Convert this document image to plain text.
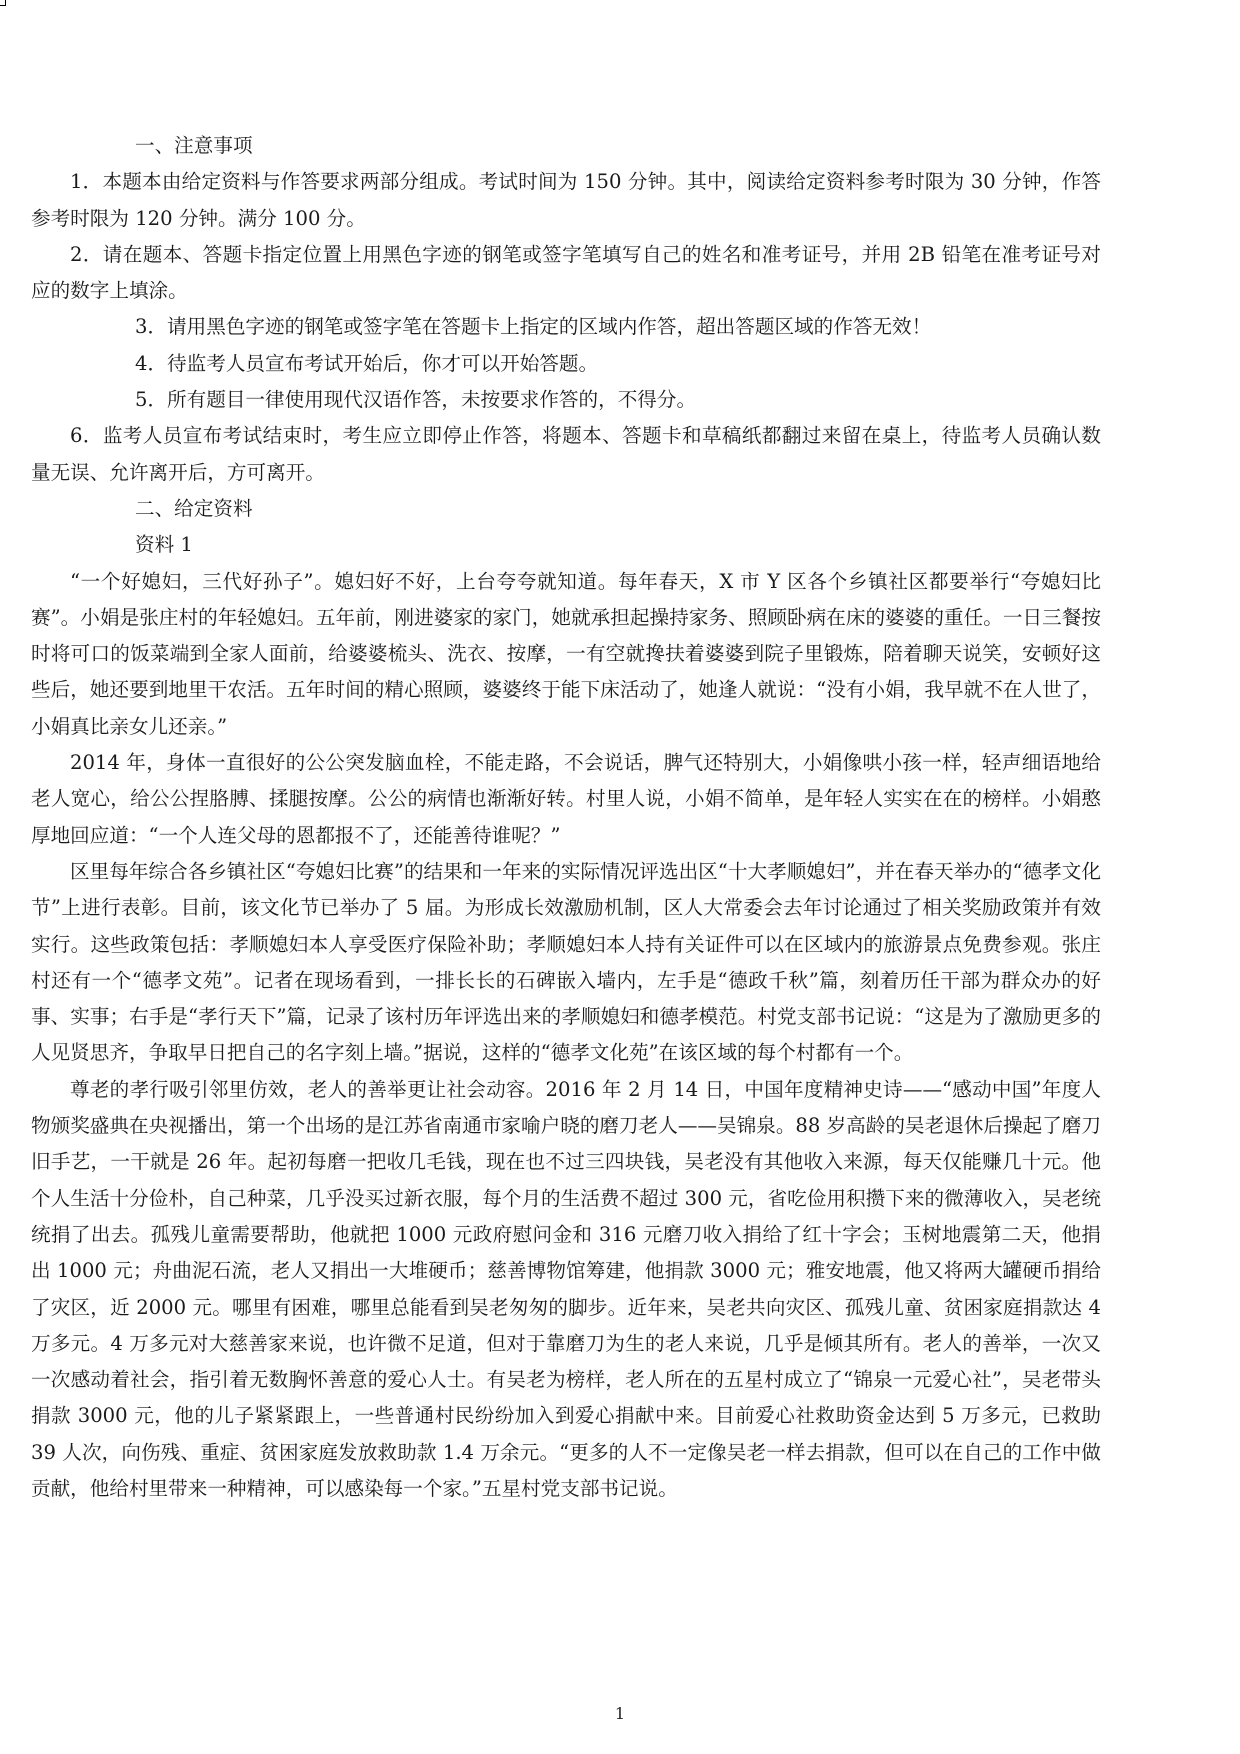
一、注意事项

1．本题本由给定资料与作答要求两部分组成。考试时间为 150 分钟。其中，阅读给定资料参考时限为 30 分钟，作答参考时限为 120 分钟。满分 100 分。

2．请在题本、答题卡指定位置上用黑色字迹的钢笔或签字笔填写自己的姓名和准考证号，并用 2B 铅笔在准考证号对应的数字上填涂。

3．请用黑色字迹的钢笔或签字笔在答题卡上指定的区域内作答，超出答题区域的作答无效！

4．待监考人员宣布考试开始后，你才可以开始答题。

5．所有题目一律使用现代汉语作答，未按要求作答的，不得分。

6．监考人员宣布考试结束时，考生应立即停止作答，将题本、答题卡和草稿纸都翻过来留在桌上，待监考人员确认数量无误、允许离开后，方可离开。

二、给定资料

资料 1

“一个好媳妇，三代好孙子”。媳妇好不好，上台夸夸就知道。每年春天，X 市 Y 区各个乡镇社区都要举行“夸媳妇比赛”。小娟是张庄村的年轻媳妇。五年前，刚进婆家的家门，她就承担起操持家务、照顾卧病在床的婆婆的重任。一日三餐按时将可口的饭菜端到全家人面前，给婆婆梳头、洗衣、按摩，一有空就搀扶着婆婆到院子里锻炼，陪着聊天说笑，安顿好这些后，她还要到地里干农活。五年时间的精心照顾，婆婆终于能下床活动了，她逢人就说：“没有小娟，我早就不在人世了，小娟真比亲女儿还亲。”

2014 年，身体一直很好的公公突发脑血栓，不能走路，不会说话，脾气还特别大，小娟像哄小孩一样，轻声细语地给老人宽心，给公公捏胳膊、揉腿按摩。公公的病情也渐渐好转。村里人说，小娟不简单，是年轻人实实在在的榜样。小娟憨厚地回应道：“一个人连父母的恩都报不了，还能善待谁呢？”

区里每年综合各乡镇社区“夸媳妇比赛”的结果和一年来的实际情况评选出区“十大孝顺媳妇”，并在春天举办的“德孝文化节”上进行表彰。目前，该文化节已举办了 5 届。为形成长效激励机制，区人大常委会去年讨论通过了相关奖励政策并有效实行。这些政策包括：孝顺媳妇本人享受医疗保险补助；孝顺媳妇本人持有关证件可以在区域内的旅游景点免费参观。张庄村还有一个“德孝文苑”。记者在现场看到，一排长长的石碑嵌入墙内，左手是“德政千秋”篇，刻着历任干部为群众办的好事、实事；右手是“孝行天下”篇，记录了该村历年评选出来的孝顺媳妇和德孝模范。村党支部书记说：“这是为了激励更多的人见贤思齐，争取早日把自己的名字刻上墙。”据说，这样的“德孝文化苑”在该区域的每个村都有一个。

尊老的孝行吸引邻里仿效，老人的善举更让社会动容。2016 年 2 月 14 日，中国年度精神史诗——“感动中国”年度人物颁奖盛典在央视播出，第一个出场的是江苏省南通市家喻户晓的磨刀老人——吴锦泉。88 岁高龄的吴老退休后操起了磨刀旧手艺，一干就是 26 年。起初每磨一把收几毛钱，现在也不过三四块钱，吴老没有其他收入来源，每天仅能赚几十元。他个人生活十分俭朴，自己种菜，几乎没买过新衣服，每个月的生活费不超过 300 元，省吃俭用积攒下来的微薄收入，吴老统统捐了出去。孤残儿童需要帮助，他就把 1000 元政府慰问金和 316 元磨刀收入捐给了红十字会；玉树地震第二天，他捐出 1000 元；舟曲泥石流，老人又捐出一大堆硬币；慈善博物馆筹建，他捐款 3000 元；雅安地震，他又将两大罐硬币捐给了灾区，近 2000 元。哪里有困难，哪里总能看到吴老匆匆的脚步。近年来，吴老共向灾区、孤残儿童、贫困家庭捐款达 4 万多元。4 万多元对大慈善家来说，也许微不足道，但对于靠磨刀为生的老人来说，几乎是倾其所有。老人的善举，一次又一次感动着社会，指引着无数胸怀善意的爱心人士。有吴老为榜样，老人所在的五星村成立了“锦泉一元爱心社”，吴老带头捐款 3000 元，他的儿子紧紧跟上，一些普通村民纷纷加入到爱心捐献中来。目前爱心社救助资金达到 5 万多元，已救助 39 人次，向伤残、重症、贫困家庭发放救助款 1.4 万余元。“更多的人不一定像吴老一样去捐款，但可以在自己的工作中做贡献，他给村里带来一种精神，可以感染每一个家。”五星村党支部书记说。

1
